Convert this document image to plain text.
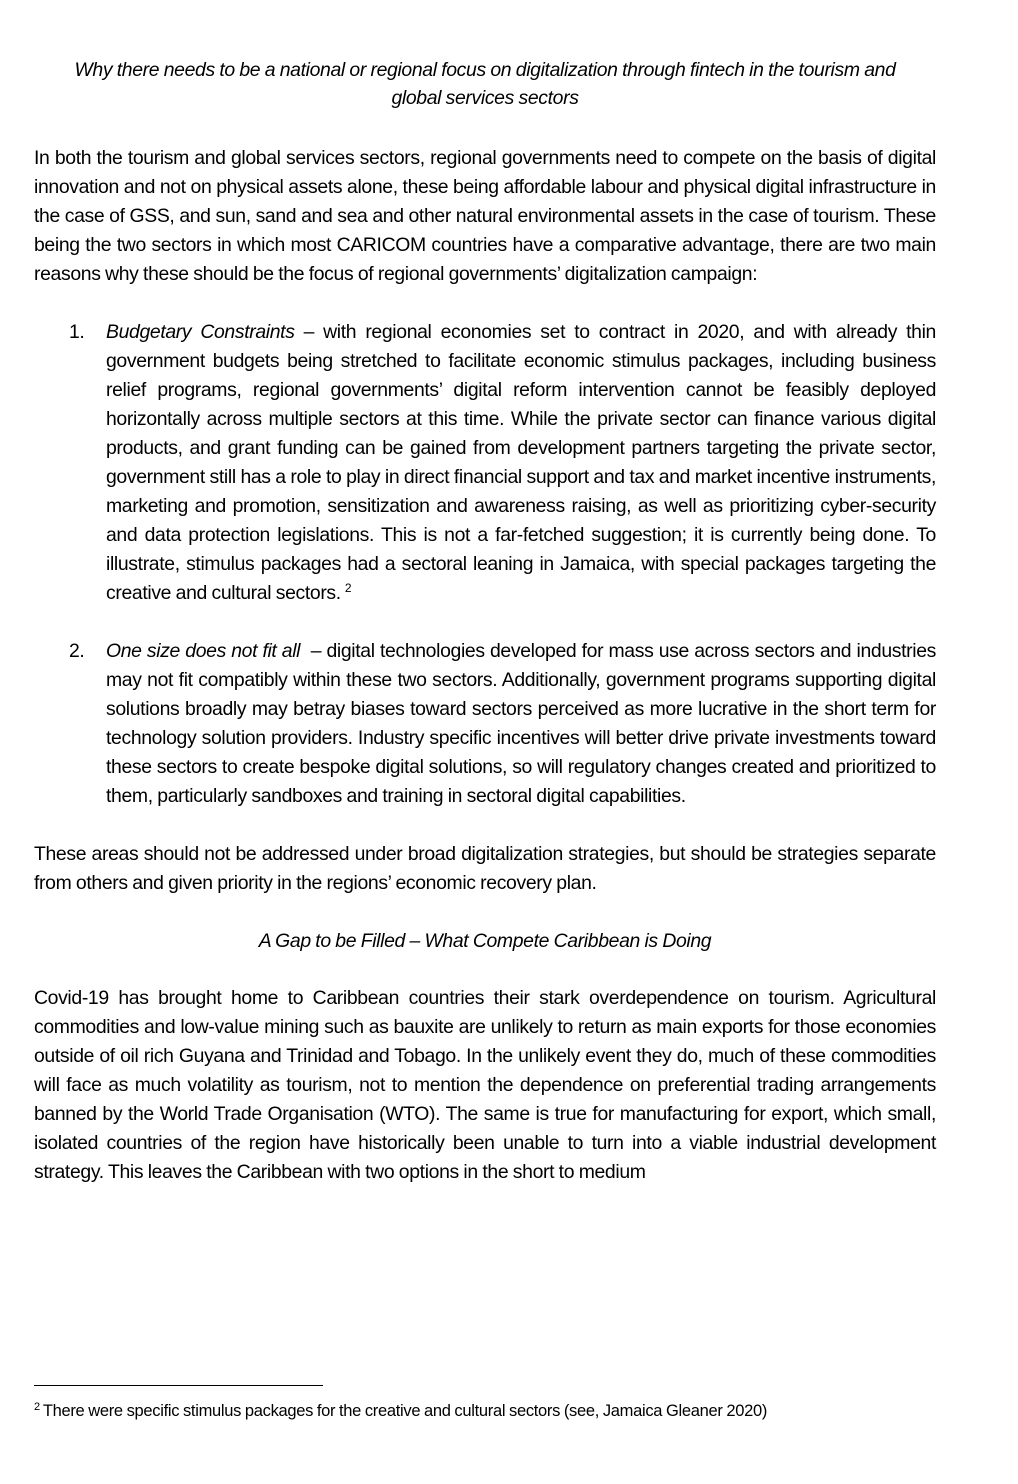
Why there needs to be a national or regional focus on digitalization through fintech in the tourism and global services sectors

In both the tourism and global services sectors, regional governments need to compete on the basis of digital innovation and not on physical assets alone, these being affordable labour and physical digital infrastructure in the case of GSS, and sun, sand and sea and other natural environmental assets in the case of tourism. These being the two sectors in which most CARICOM countries have a comparative advantage, there are two main reasons why these should be the focus of regional governments’ digitalization campaign:

1. Budgetary Constraints – with regional economies set to contract in 2020, and with already thin government budgets being stretched to facilitate economic stimulus packages, including business relief programs, regional governments’ digital reform intervention cannot be feasibly deployed horizontally across multiple sectors at this time. While the private sector can finance various digital products, and grant funding can be gained from development partners targeting the private sector, government still has a role to play in direct financial support and tax and market incentive instruments, marketing and promotion, sensitization and awareness raising, as well as prioritizing cyber-security and data protection legislations. This is not a far-fetched suggestion; it is currently being done. To illustrate, stimulus packages had a sectoral leaning in Jamaica, with special packages targeting the creative and cultural sectors. $^2$

2. One size does not fit all  – digital technologies developed for mass use across sectors and industries may not fit compatibly within these two sectors. Additionally, government programs supporting digital solutions broadly may betray biases toward sectors perceived as more lucrative in the short term for technology solution providers. Industry specific incentives will better drive private investments toward these sectors to create bespoke digital solutions, so will regulatory changes created and prioritized to them, particularly sandboxes and training in sectoral digital capabilities.

These areas should not be addressed under broad digitalization strategies, but should be strategies separate from others and given priority in the regions’ economic recovery plan.

A Gap to be Filled – What Compete Caribbean is Doing

Covid-19 has brought home to Caribbean countries their stark overdependence on tourism. Agricultural commodities and low-value mining such as bauxite are unlikely to return as main exports for those economies outside of oil rich Guyana and Trinidad and Tobago. In the unlikely event they do, much of these commodities will face as much volatility as tourism, not to mention the dependence on preferential trading arrangements banned by the World Trade Organisation (WTO). The same is true for manufacturing for export, which small, isolated countries of the region have historically been unable to turn into a viable industrial development strategy. This leaves the Caribbean with two options in the short to medium

$^2$ There were specific stimulus packages for the creative and cultural sectors (see, Jamaica Gleaner 2020)
